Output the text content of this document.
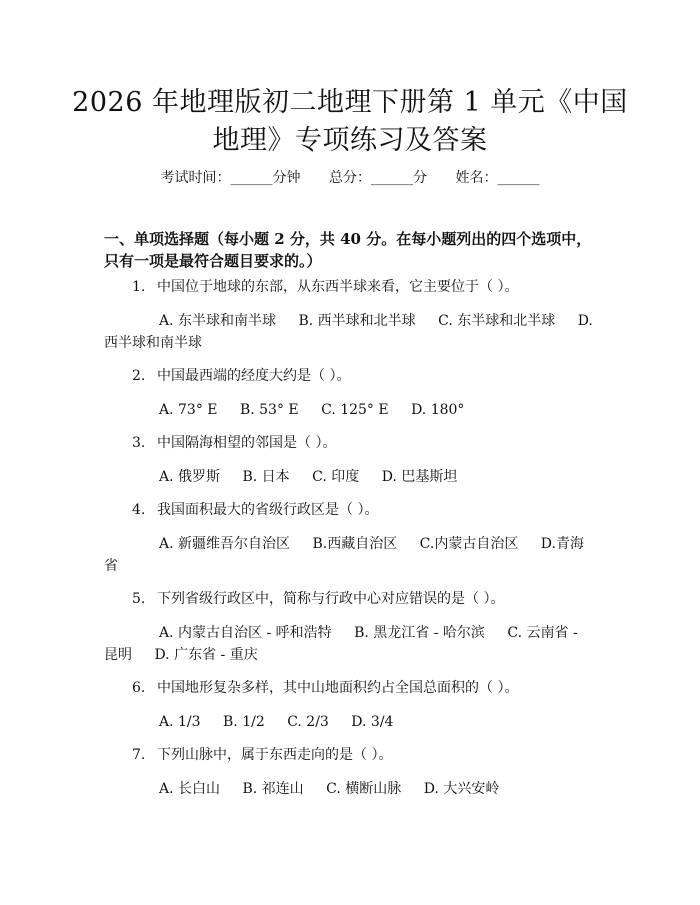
2026 年地理版初二地理下册第 1 单元《中国
地理》专项练习及答案
考试时间：______分钟 总分：______分 姓名：______
一、单项选择题（每小题 2 分，共 40 分。在每小题列出的四个选项中，只有一项是最符合题目要求的。）
1. 中国位于地球的东部，从东西半球来看，它主要位于（ ）。
A. 东半球和南半球 B. 西半球和北半球 C. 东半球和北半球 D. 西半球和南半球
2. 中国最西端的经度大约是（ ）。
A. 73° E B. 53° E C. 125° E D. 180°
3. 中国隔海相望的邻国是（ ）。
A. 俄罗斯 B. 日本 C. 印度 D. 巴基斯坦
4. 我国面积最大的省级行政区是（ ）。
A. 新疆维吾尔自治区 B.西藏自治区 C.内蒙古自治区 D.青海省
5. 下列省级行政区中，简称与行政中心对应错误的是（ ）。
A. 内蒙古自治区 - 呼和浩特 B. 黑龙江省 - 哈尔滨 C. 云南省 - 昆明 D. 广东省 - 重庆
6. 中国地形复杂多样，其中山地面积约占全国总面积的（ ）。
A. 1/3 B. 1/2 C. 2/3 D. 3/4
7. 下列山脉中，属于东西走向的是（ ）。
A. 长白山 B. 祁连山 C. 横断山脉 D. 大兴安岭
